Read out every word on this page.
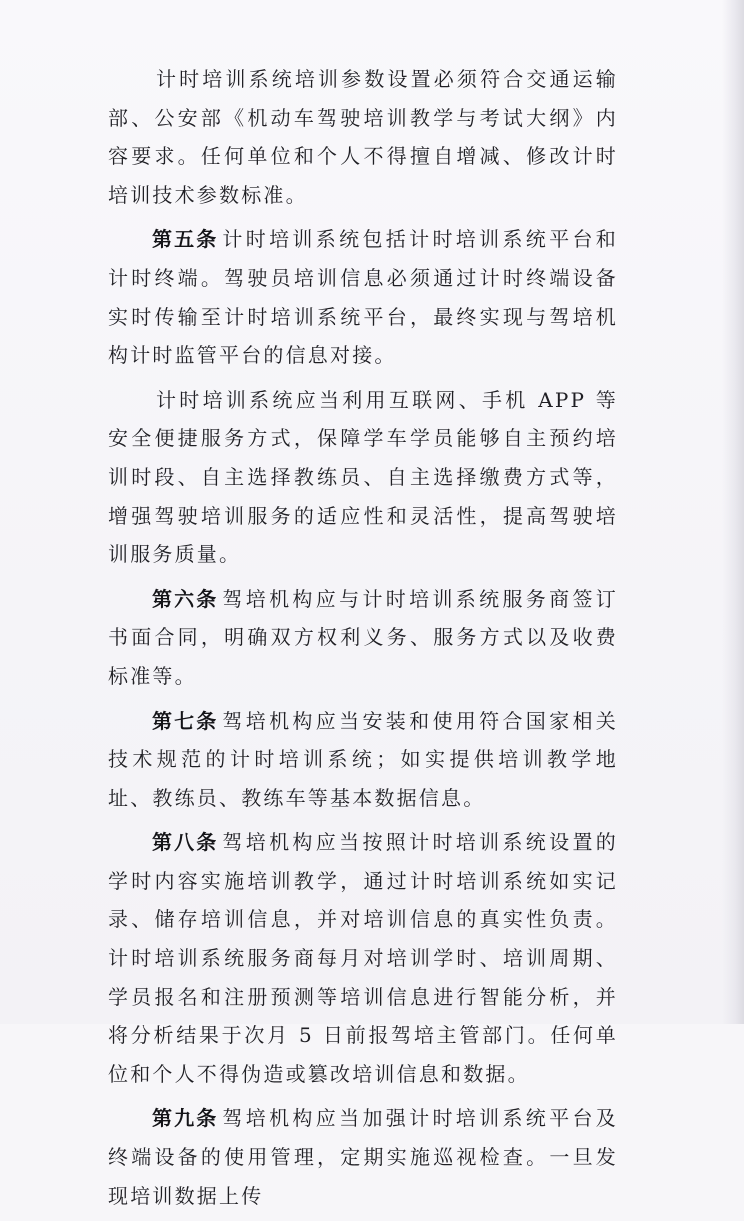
计时培训系统培训参数设置必须符合交通运输部、公安部《机动车驾驶培训教学与考试大纲》内容要求。任何单位和个人不得擅自增减、修改计时培训技术参数标准。

第五条 计时培训系统包括计时培训系统平台和计时终端。驾驶员培训信息必须通过计时终端设备实时传输至计时培训系统平台，最终实现与驾培机构计时监管平台的信息对接。

计时培训系统应当利用互联网、手机 APP 等安全便捷服务方式，保障学车学员能够自主预约培训时段、自主选择教练员、自主选择缴费方式等，增强驾驶培训服务的适应性和灵活性，提高驾驶培训服务质量。

第六条 驾培机构应与计时培训系统服务商签订书面合同，明确双方权利义务、服务方式以及收费标准等。

第七条 驾培机构应当安装和使用符合国家相关技术规范的计时培训系统；如实提供培训教学地址、教练员、教练车等基本数据信息。

第八条 驾培机构应当按照计时培训系统设置的学时内容实施培训教学，通过计时培训系统如实记录、储存培训信息，并对培训信息的真实性负责。计时培训系统服务商每月对培训学时、培训周期、学员报名和注册预测等培训信息进行智能分析，并将分析结果于次月 5 日前报驾培主管部门。任何单位和个人不得伪造或篡改培训信息和数据。

第九条 驾培机构应当加强计时培训系统平台及终端设备的使用管理，定期实施巡视检查。一旦发现培训数据上传
